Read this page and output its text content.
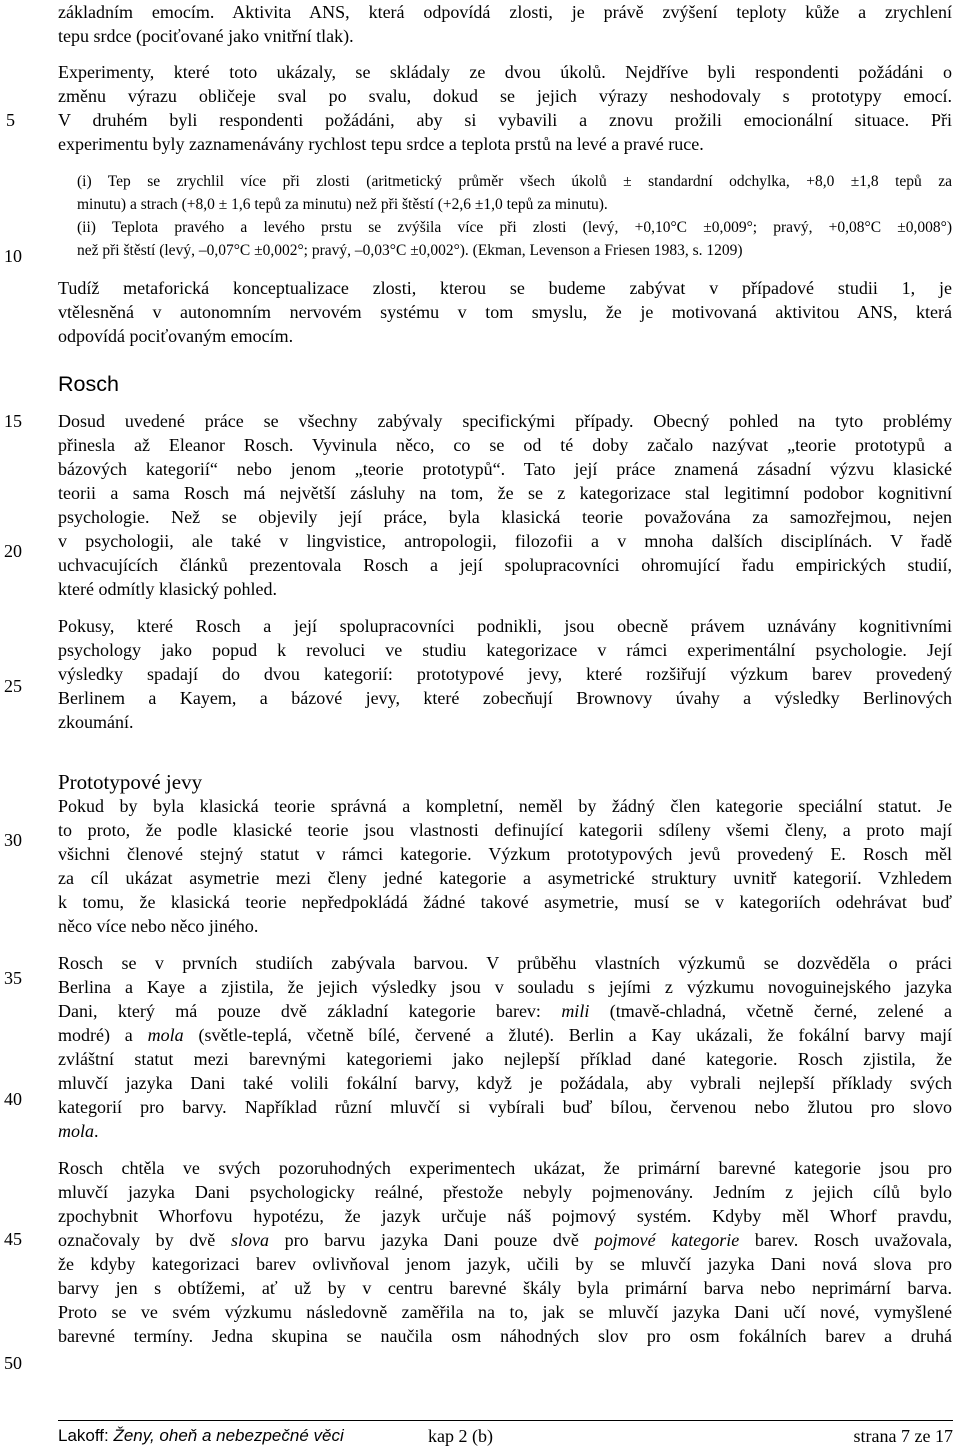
základním emocím. Aktivita ANS, která odpovídá zlosti, je právě zvýšení teploty kůže a zrychlení
tepu srdce (pociťované jako vnitřní tlak).
Experimenty, které toto ukázaly, se skládaly ze dvou úkolů. Nejdříve byli respondenti požádáni o
změnu výrazu obličeje sval po svalu, dokud se jejich výrazy neshodovaly s prototypy emocí.
V druhém byli respondenti požádáni, aby si vybavili a znovu prožili emocionální situace. Při
experimentu byly zaznamenávány rychlost tepu srdce a teplota prstů na levé a pravé ruce.
(i) Tep se zrychlil více při zlosti (aritmetický průměr všech úkolů ± standardní odchylka, +8,0 ±1,8 tepů za
minutu) a strach (+8,0 ± 1,6 tepů za minutu) než při štěstí (+2,6 ±1,0 tepů za minutu).
(ii) Teplota pravého a levého prstu se zvýšila více při zlosti (levý, +0,10°C ±0,009°; pravý, +0,08°C ±0,008°)
než při štěstí (levý, –0,07°C ±0,002°; pravý, –0,03°C ±0,002°). (Ekman, Levenson a Friesen 1983, s. 1209)
Tudíž metaforická konceptualizace zlosti, kterou se budeme zabývat v případové studii 1, je
vtělesněná v autonomním nervovém systému v tom smyslu, že je motivovaná aktivitou ANS, která
odpovídá pociťovaným emocím.
Dosud uvedené práce se všechny zabývaly specifickými případy. Obecný pohled na tyto problémy
přinesla až Eleanor Rosch. Vyvinula něco, co se od té doby začalo nazývat „teorie prototypů a
bázových kategorií“ nebo jenom „teorie prototypů“. Tato její práce znamená zásadní výzvu klasické
teorii a sama Rosch má největší zásluhy na tom, že se z kategorizace stal legitimní podobor kognitivní
psychologie. Než se objevily její práce, byla klasická teorie považována za samozřejmou, nejen
v psychologii, ale také v lingvistice, antropologii, filozofii a v mnoha dalších disciplínách. V řadě
uchvacujících článků prezentovala Rosch a její spolupracovníci ohromující řadu empirických studií,
které odmítly klasický pohled.
Pokusy, které Rosch a její spolupracovníci podnikli, jsou obecně právem uznávány kognitivními
psychology jako popud k revoluci ve studiu kategorizace v rámci experimentální psychologie. Její
výsledky spadají do dvou kategorií: prototypové jevy, které rozšiřují výzkum barev provedený
Berlinem a Kayem, a bázové jevy, které zobecňují Brownovy úvahy a výsledky Berlinových
zkoumání.
Pokud by byla klasická teorie správná a kompletní, neměl by žádný člen kategorie speciální statut. Je
to proto, že podle klasické teorie jsou vlastnosti definující kategorii sdíleny všemi členy, a proto mají
všichni členové stejný statut v rámci kategorie. Výzkum prototypových jevů provedený E. Rosch měl
za cíl ukázat asymetrie mezi členy jedné kategorie a asymetrické struktury uvnitř kategorií. Vzhledem
k tomu, že klasická teorie nepředpokládá žádné takové asymetrie, musí se v kategoriích odehrávat buď
něco více nebo něco jiného.
Rosch se v prvních studiích zabývala barvou. V průběhu vlastních výzkumů se dozvěděla o práci
Berlina a Kaye a zjistila, že jejich výsledky jsou v souladu s jejími z výzkumu novoguinejského jazyka
Dani, který má pouze dvě základní kategorie barev: mili (tmavě-chladná, včetně černé, zelené a
modré) a mola (světle-teplá, včetně bílé, červené a žluté). Berlin a Kay ukázali, že fokální barvy mají
zvláštní statut mezi barevnými kategoriemi jako nejlepší příklad dané kategorie. Rosch zjistila, že
mluvčí jazyka Dani také volili fokální barvy, když je požádala, aby vybrali nejlepší příklady svých
kategorií pro barvy. Například různí mluvčí si vybírali buď bílou, červenou nebo žlutou pro slovo
mola.
Rosch chtěla ve svých pozoruhodných experimentech ukázat, že primární barevné kategorie jsou pro
mluvčí jazyka Dani psychologicky reálné, přestože nebyly pojmenovány. Jedním z jejich cílů bylo
zpochybnit Whorfovu hypotézu, že jazyk určuje náš pojmový systém. Kdyby měl Whorf pravdu,
označovaly by dvě slova pro barvu jazyka Dani pouze dvě pojmové kategorie barev. Rosch uvažovala,
že kdyby kategorizaci barev ovlivňoval jenom jazyk, učili by se mluvčí jazyka Dani nová slova pro
barvy jen s obtížemi, ať už by v centru barevné škály byla primární barva nebo neprimární barva.
Proto se ve svém výzkumu následovně zaměřila na to, jak se mluvčí jazyka Dani učí nové, vymyšlené
barevné termíny. Jedna skupina se naučila osm náhodných slov pro osm fokálních barev a druhá
Rosch
Prototypové jevy
5
10
15
20
25
30
35
40
45
50
Lakoff: Ženy, oheň a nebezpečné věci	kap 2 (b)	strana 7 ze 17
